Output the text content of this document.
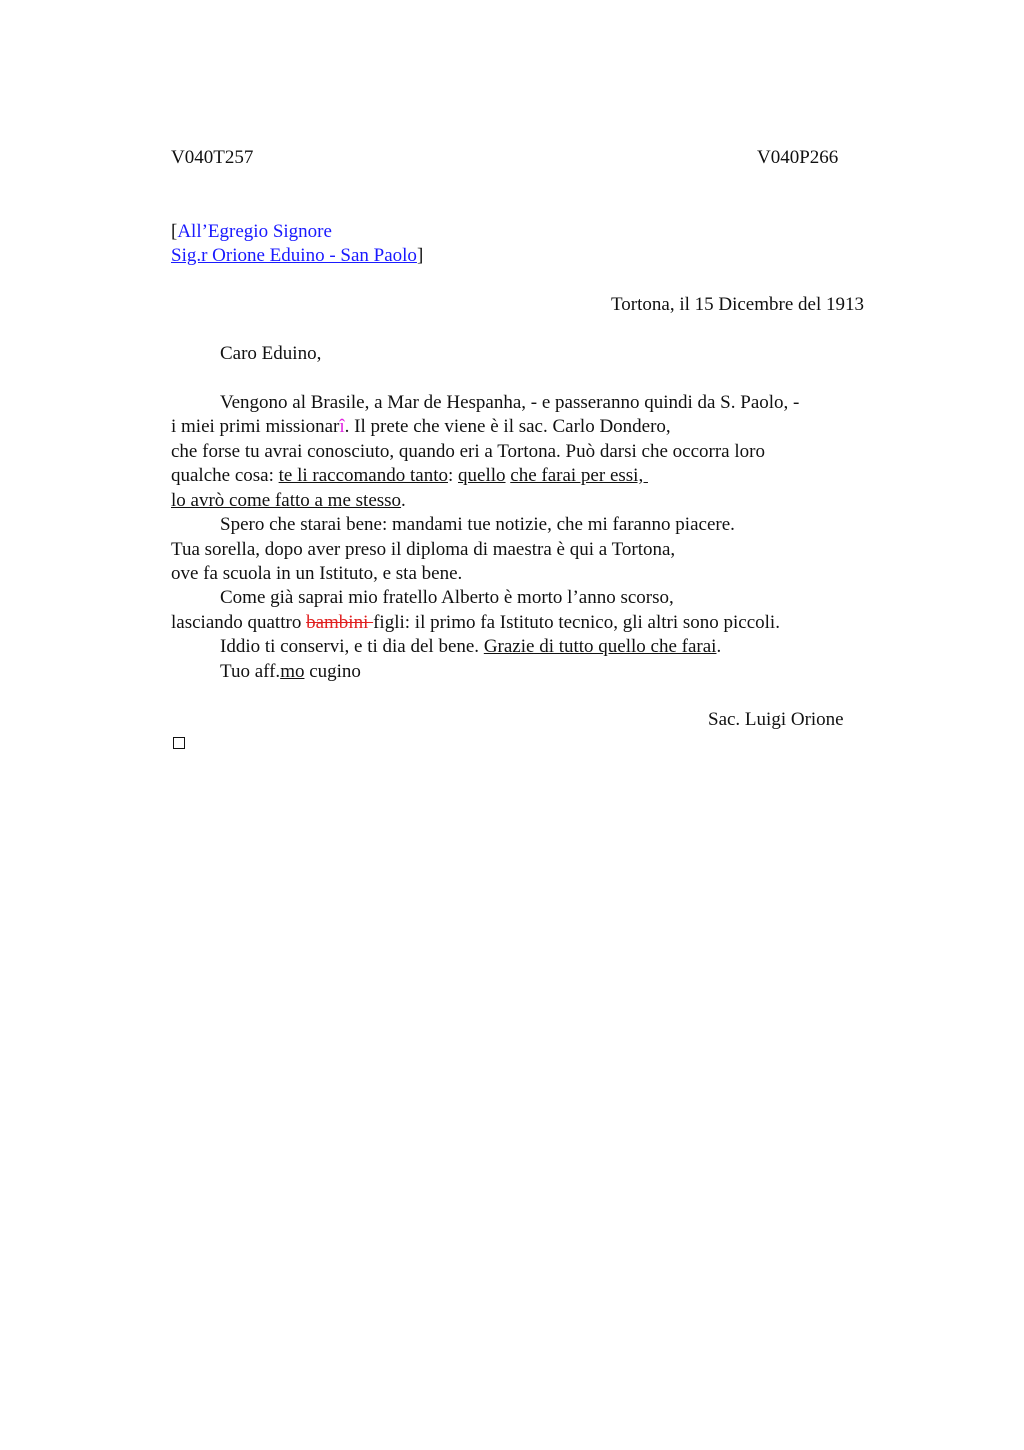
V040T257	V040P266
[All’Egregio Signore
Sig.r Orione Eduino - San Paolo]
Tortona, il 15 Dicembre del 1913
Caro Eduino,
Vengono al Brasile, a Mar de Hespanha, - e passeranno quindi da S. Paolo, -
i miei primi missionarî. Il prete che viene è il sac. Carlo Dondero,
che forse tu avrai conosciuto, quando eri a Tortona. Può darsi che occorra loro
qualche cosa: te li raccomando tanto: quello che farai per essi,
lo avrò come fatto a me stesso.
Spero che starai bene: mandami tue notizie, che mi faranno piacere.
Tua sorella, dopo aver preso il diploma di maestra è qui a Tortona,
ove fa scuola in un Istituto, e sta bene.
Come già saprai mio fratello Alberto è morto l’anno scorso,
lasciando quattro bambini figli: il primo fa Istituto tecnico, gli altri sono piccoli.
Iddio ti conservi, e ti dia del bene. Grazie di tutto quello che farai.
Tuo aff.mo cugino
Sac. Luigi Orione
